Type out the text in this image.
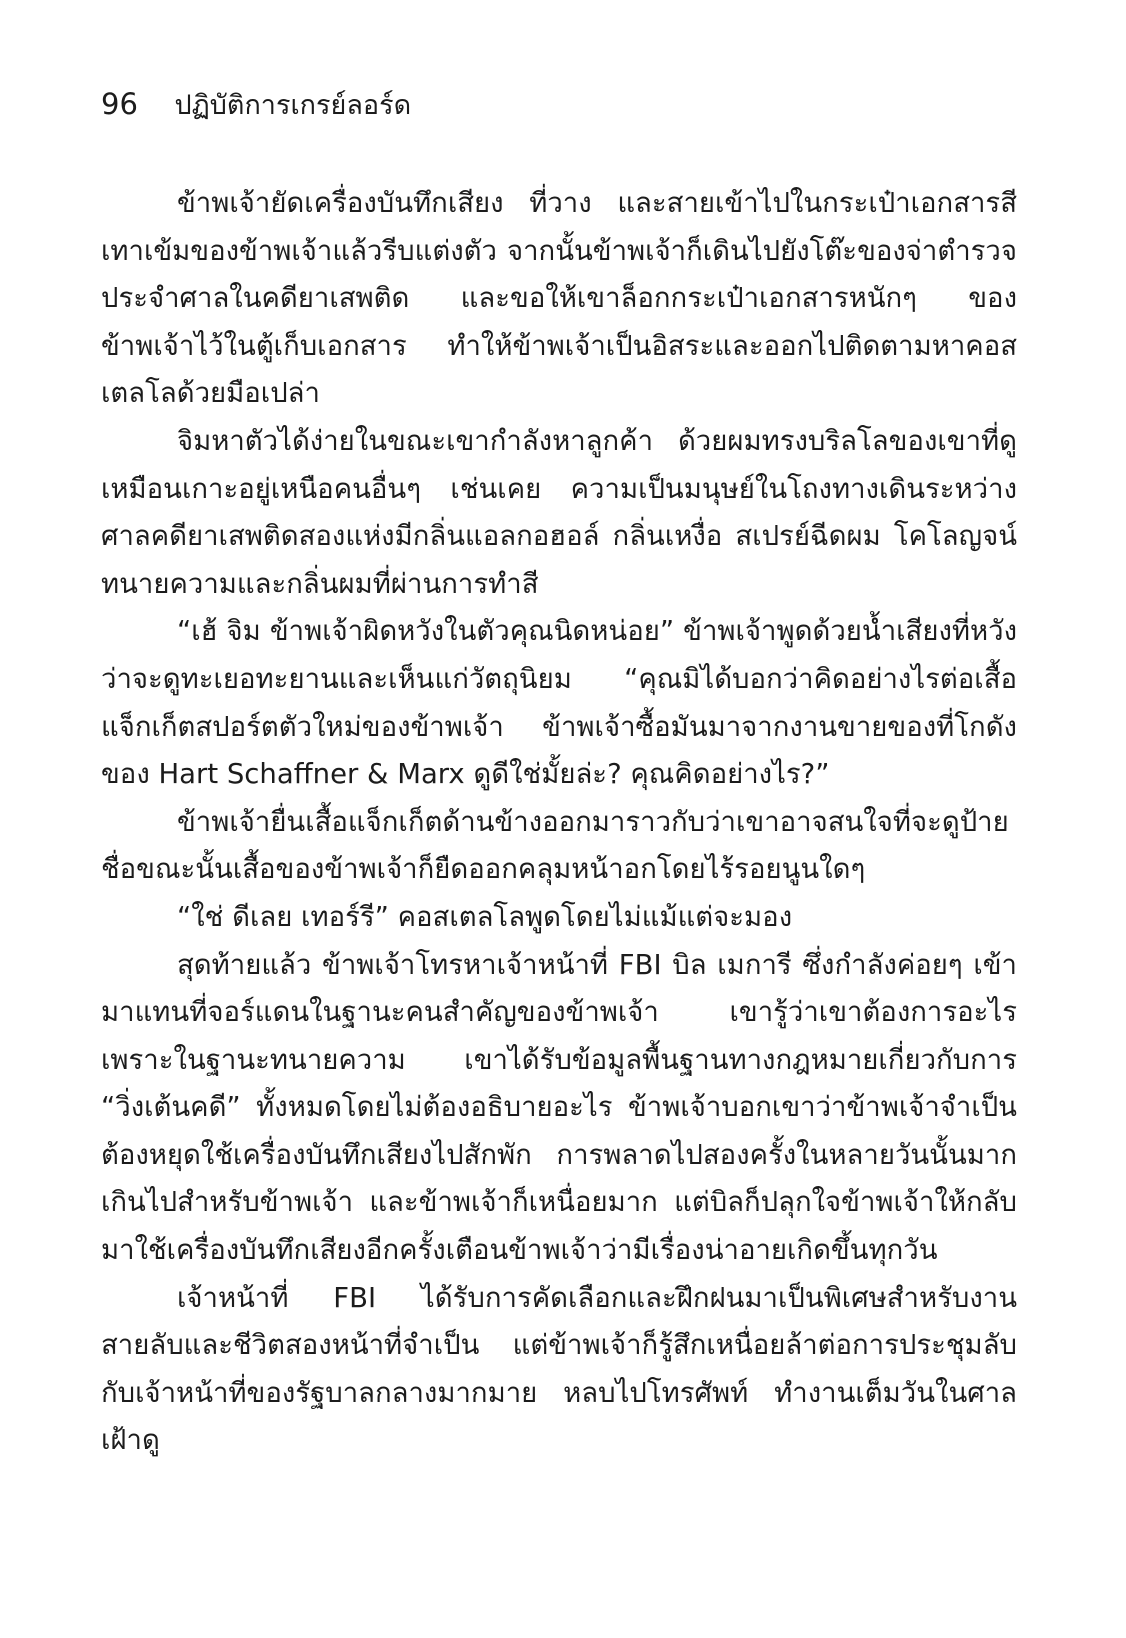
96 ปฏิบัติการเกรย์ลอร์ด

ข้าพเจ้ายัดเครื่องบันทึกเสียง ที่วาง และสายเข้าไปในกระเป๋าเอกสารสีเทาเข้มของข้าพเจ้าแล้วรีบแต่งตัว จากนั้นข้าพเจ้าก็เดินไปยังโต๊ะของจ่าตำรวจประจำศาลในคดียาเสพติด และขอให้เขาล็อกกระเป๋าเอกสารหนักๆ ของข้าพเจ้าไว้ในตู้เก็บเอกสาร ทำให้ข้าพเจ้าเป็นอิสระและออกไปติดตามหาคอสเตลโลด้วยมือเปล่า

จิมหาตัวได้ง่ายในขณะเขากำลังหาลูกค้า ด้วยผมทรงบริลโลของเขาที่ดูเหมือนเกาะอยู่เหนือคนอื่นๆ เช่นเคย ความเป็นมนุษย์ในโถงทางเดินระหว่างศาลคดียาเสพติดสองแห่งมีกลิ่นแอลกอฮอล์ กลิ่นเหงื่อ สเปรย์ฉีดผม โคโลญจน์ทนายความและกลิ่นผมที่ผ่านการทำสี

“เฮ้ จิม ข้าพเจ้าผิดหวังในตัวคุณนิดหน่อย” ข้าพเจ้าพูดด้วยน้ำเสียงที่หวังว่าจะดูทะเยอทะยานและเห็นแก่วัตถุนิยม “คุณมิได้บอกว่าคิดอย่างไรต่อเสื้อแจ็กเก็ตสปอร์ตตัวใหม่ของข้าพเจ้า ข้าพเจ้าซื้อมันมาจากงานขายของที่โกดังของ Hart Schaffner & Marx ดูดีใช่มั้ยล่ะ? คุณคิดอย่างไร?”

ข้าพเจ้ายื่นเสื้อแจ็กเก็ตด้านข้างออกมาราวกับว่าเขาอาจสนใจที่จะดูป้ายชื่อขณะนั้นเสื้อของข้าพเจ้าก็ยืดออกคลุมหน้าอกโดยไร้รอยนูนใดๆ

“ใช่ ดีเลย เทอร์รี” คอสเตลโลพูดโดยไม่แม้แต่จะมอง

สุดท้ายแล้ว ข้าพเจ้าโทรหาเจ้าหน้าที่ FBI บิล เมการี ซึ่งกำลังค่อยๆ เข้ามาแทนที่จอร์แดนในฐานะคนสำคัญของข้าพเจ้า เขารู้ว่าเขาต้องการอะไรเพราะในฐานะทนายความ เขาได้รับข้อมูลพื้นฐานทางกฎหมายเกี่ยวกับการ “วิ่งเต้นคดี” ทั้งหมดโดยไม่ต้องอธิบายอะไร ข้าพเจ้าบอกเขาว่าข้าพเจ้าจำเป็นต้องหยุดใช้เครื่องบันทึกเสียงไปสักพัก การพลาดไปสองครั้งในหลายวันนั้นมากเกินไปสำหรับข้าพเจ้า และข้าพเจ้าก็เหนื่อยมาก แต่บิลก็ปลุกใจข้าพเจ้าให้กลับมาใช้เครื่องบันทึกเสียงอีกครั้งเตือนข้าพเจ้าว่ามีเรื่องน่าอายเกิดขึ้นทุกวัน

เจ้าหน้าที่ FBI ได้รับการคัดเลือกและฝึกฝนมาเป็นพิเศษสำหรับงานสายลับและชีวิตสองหน้าที่จำเป็น แต่ข้าพเจ้าก็รู้สึกเหนื่อยล้าต่อการประชุมลับกับเจ้าหน้าที่ของรัฐบาลกลางมากมาย หลบไปโทรศัพท์ ทำงานเต็มวันในศาล เฝ้าดู
